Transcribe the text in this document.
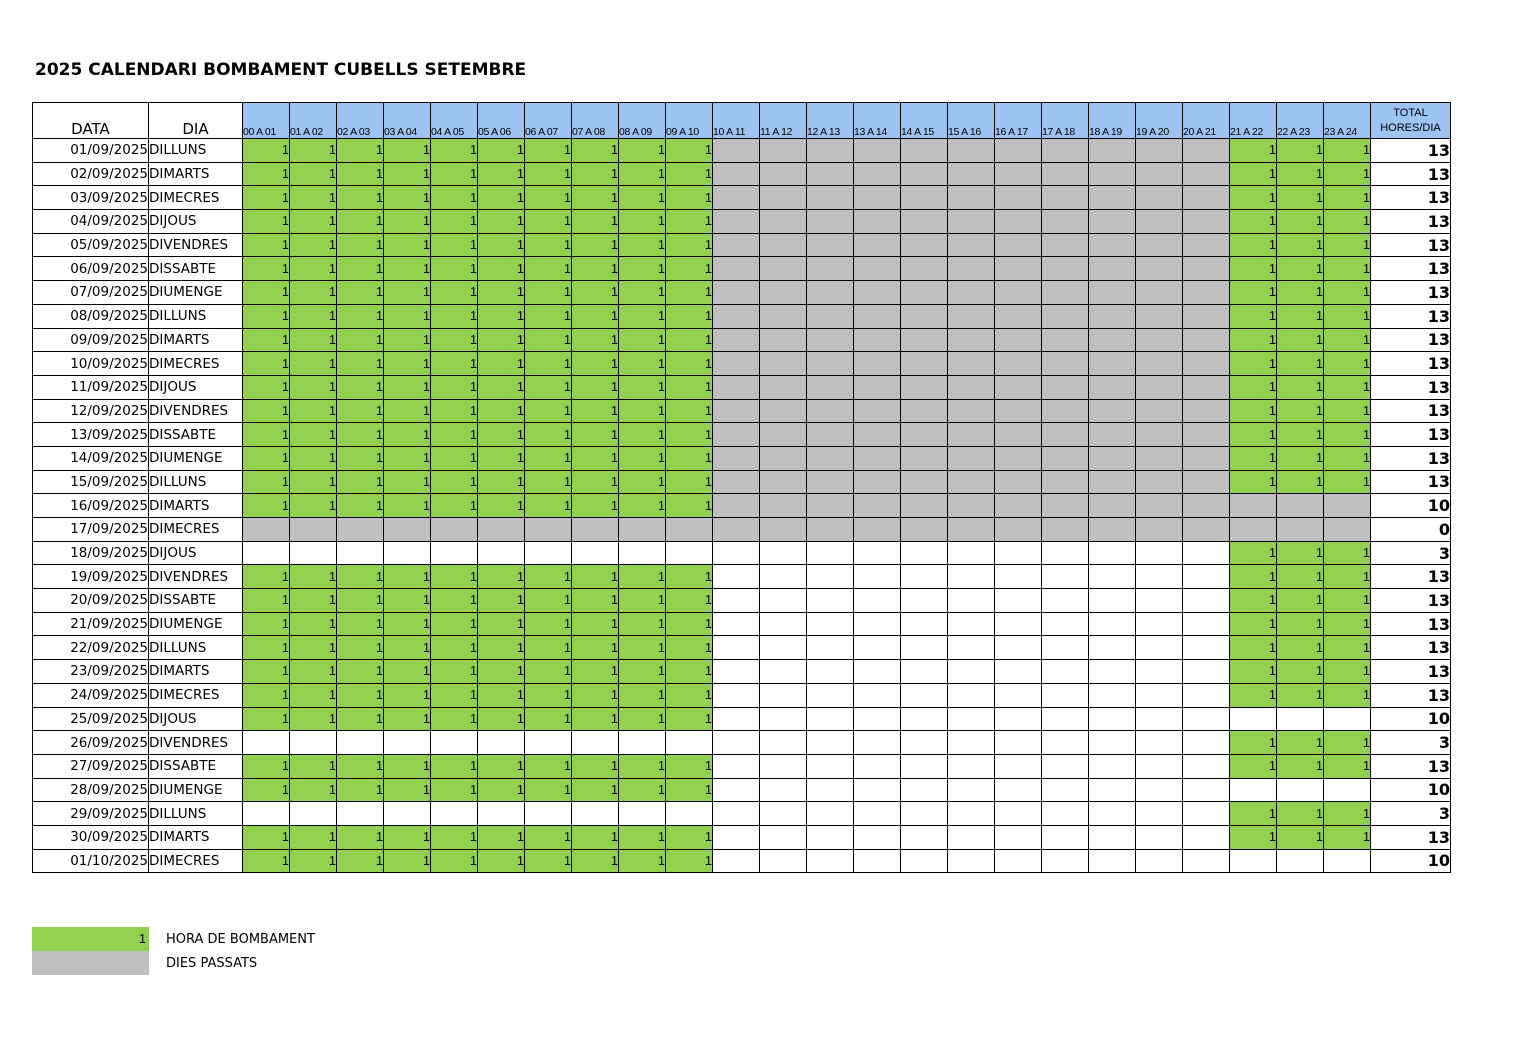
2025 CALENDARI BOMBAMENT CUBELLS SETEMBRE
DATA	DIA	00 A 01	01 A 02	02 A 03	03 A 04	04 A 05	05 A 06	06 A 07	07 A 08	08 A 09	09 A 10	10 A 11	11 A 12	12 A 13	13 A 14	14 A 15	15 A 16	16 A 17	17 A 18	18 A 19	19 A 20	20 A 21	21 A 22	22 A 23	23 A 24	TOTAL
HORES/DIA

01/09/2025	DILLUNS	1	1	1	1	1	1	1	1	1	1												1	1	1	13
02/09/2025	DIMARTS	1	1	1	1	1	1	1	1	1	1												1	1	1	13
03/09/2025	DIMECRES	1	1	1	1	1	1	1	1	1	1												1	1	1	13
04/09/2025	DIJOUS	1	1	1	1	1	1	1	1	1	1												1	1	1	13
05/09/2025	DIVENDRES	1	1	1	1	1	1	1	1	1	1												1	1	1	13
06/09/2025	DISSABTE	1	1	1	1	1	1	1	1	1	1												1	1	1	13
07/09/2025	DIUMENGE	1	1	1	1	1	1	1	1	1	1												1	1	1	13
08/09/2025	DILLUNS	1	1	1	1	1	1	1	1	1	1												1	1	1	13
09/09/2025	DIMARTS	1	1	1	1	1	1	1	1	1	1												1	1	1	13
10/09/2025	DIMECRES	1	1	1	1	1	1	1	1	1	1												1	1	1	13
11/09/2025	DIJOUS	1	1	1	1	1	1	1	1	1	1												1	1	1	13
12/09/2025	DIVENDRES	1	1	1	1	1	1	1	1	1	1												1	1	1	13
13/09/2025	DISSABTE	1	1	1	1	1	1	1	1	1	1												1	1	1	13
14/09/2025	DIUMENGE	1	1	1	1	1	1	1	1	1	1												1	1	1	13
15/09/2025	DILLUNS	1	1	1	1	1	1	1	1	1	1												1	1	1	13
16/09/2025	DIMARTS	1	1	1	1	1	1	1	1	1	1															10
17/09/2025	DIMECRES																									0
18/09/2025	DIJOUS																						1	1	1	3
19/09/2025	DIVENDRES	1	1	1	1	1	1	1	1	1	1												1	1	1	13
20/09/2025	DISSABTE	1	1	1	1	1	1	1	1	1	1												1	1	1	13
21/09/2025	DIUMENGE	1	1	1	1	1	1	1	1	1	1												1	1	1	13
22/09/2025	DILLUNS	1	1	1	1	1	1	1	1	1	1												1	1	1	13
23/09/2025	DIMARTS	1	1	1	1	1	1	1	1	1	1												1	1	1	13
24/09/2025	DIMECRES	1	1	1	1	1	1	1	1	1	1												1	1	1	13
25/09/2025	DIJOUS	1	1	1	1	1	1	1	1	1	1															10
26/09/2025	DIVENDRES																						1	1	1	3
27/09/2025	DISSABTE	1	1	1	1	1	1	1	1	1	1												1	1	1	13
28/09/2025	DIUMENGE	1	1	1	1	1	1	1	1	1	1															10
29/09/2025	DILLUNS																						1	1	1	3
30/09/2025	DIMARTS	1	1	1	1	1	1	1	1	1	1												1	1	1	13
01/10/2025	DIMECRES	1	1	1	1	1	1	1	1	1	1															10
1 HORA DE BOMBAMENT
DIES PASSATS
